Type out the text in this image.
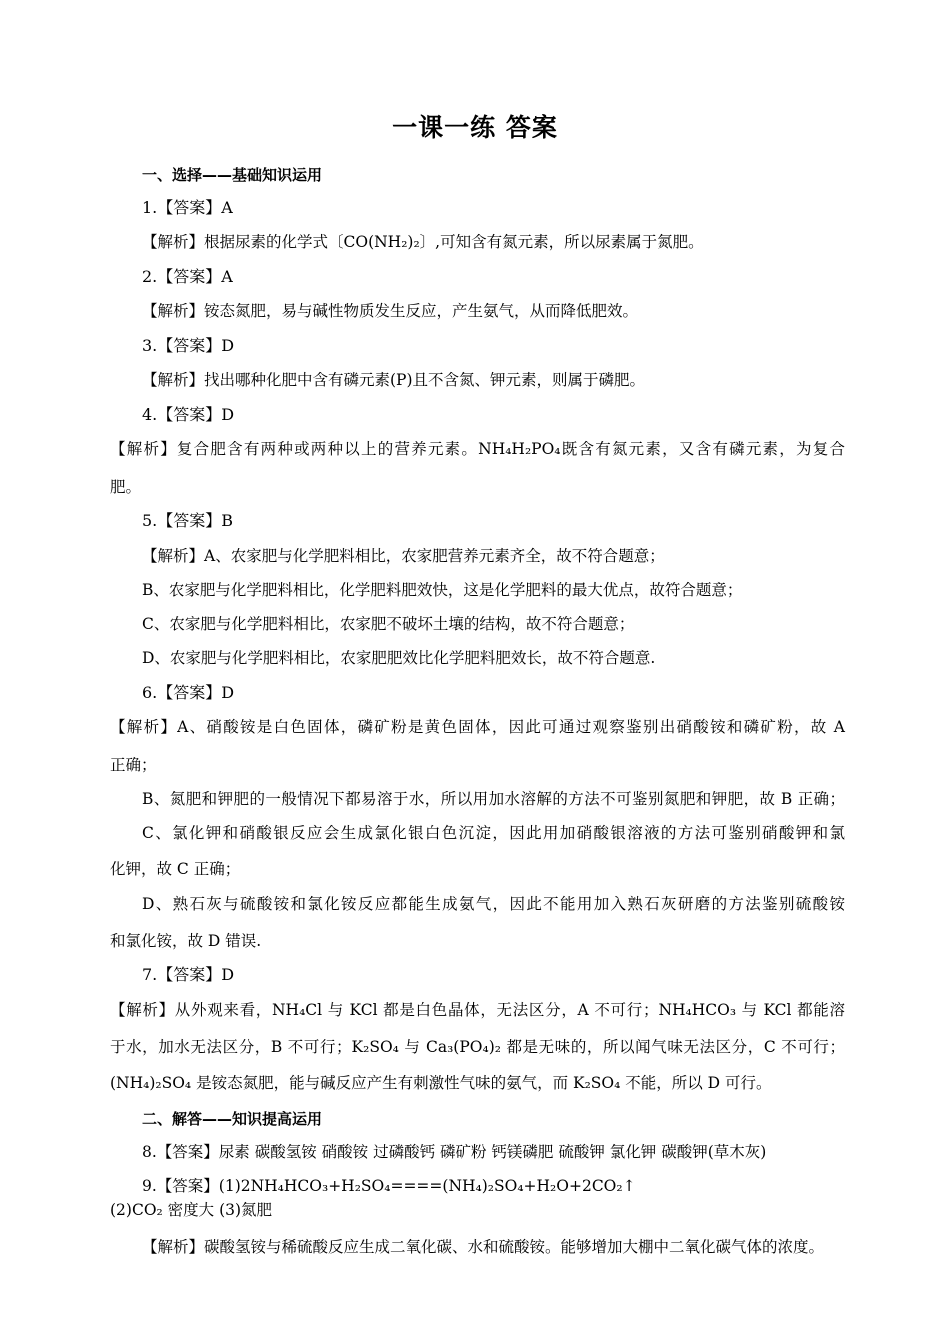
一课一练 答案
一、选择——基础知识运用
1.【答案】A
【解析】根据尿素的化学式〔CO(NH₂)₂〕,可知含有氮元素，所以尿素属于氮肥。
2.【答案】A
【解析】铵态氮肥，易与碱性物质发生反应，产生氨气，从而降低肥效。
3.【答案】D
【解析】找出哪种化肥中含有磷元素(P)且不含氮、钾元素，则属于磷肥。
4.【答案】D
【解析】复合肥含有两种或两种以上的营养元素。NH₄H₂PO₄既含有氮元素，又含有磷元素，为复合
肥。
5.【答案】B
【解析】A、农家肥与化学肥料相比，农家肥营养元素齐全，故不符合题意；
B、农家肥与化学肥料相比，化学肥料肥效快，这是化学肥料的最大优点，故符合题意；
C、农家肥与化学肥料相比，农家肥不破坏土壤的结构，故不符合题意；
D、农家肥与化学肥料相比，农家肥肥效比化学肥料肥效长，故不符合题意.
6.【答案】D
【解析】A、硝酸铵是白色固体，磷矿粉是黄色固体，因此可通过观察鉴别出硝酸铵和磷矿粉，故 A
正确；
B、氮肥和钾肥的一般情况下都易溶于水，所以用加水溶解的方法不可鉴别氮肥和钾肥，故 B 正确；
C、氯化钾和硝酸银反应会生成氯化银白色沉淀，因此用加硝酸银溶液的方法可鉴别硝酸钾和氯
化钾，故 C 正确；
D、熟石灰与硫酸铵和氯化铵反应都能生成氨气，因此不能用加入熟石灰研磨的方法鉴别硫酸铵
和氯化铵，故 D 错误.
7.【答案】D
【解析】从外观来看，NH₄Cl 与 KCl 都是白色晶体，无法区分，A 不可行；NH₄HCO₃ 与 KCl 都能溶
于水，加水无法区分，B 不可行；K₂SO₄ 与 Ca₃(PO₄)₂ 都是无味的，所以闻气味无法区分，C 不可行；
(NH₄)₂SO₄ 是铵态氮肥，能与碱反应产生有刺激性气味的氨气，而 K₂SO₄ 不能，所以 D 可行。
二、解答——知识提高运用
8.【答案】尿素 碳酸氢铵 硝酸铵 过磷酸钙 磷矿粉 钙镁磷肥 硫酸钾 氯化钾 碳酸钾(草木灰)
9.【答案】(1)2NH₄HCO₃+H₂SO₄====(NH₄)₂SO₄+H₂O+2CO₂↑
(2)CO₂ 密度大 (3)氮肥
【解析】碳酸氢铵与稀硫酸反应生成二氧化碳、水和硫酸铵。能够增加大棚中二氧化碳气体的浓度。
